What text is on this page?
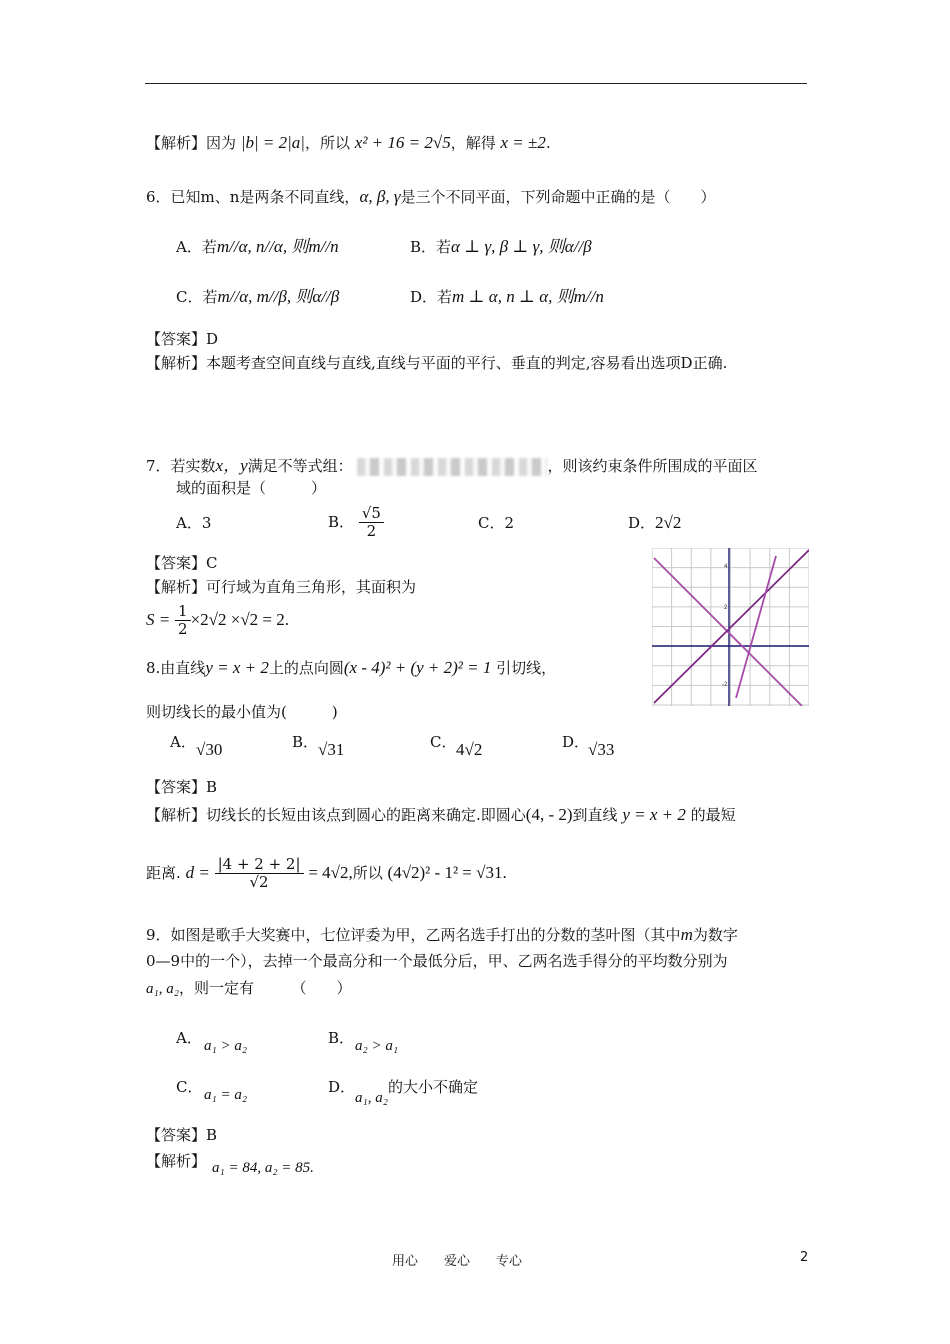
【解析】因为 |b| = 2|a|，所以 x² + 16 = 2√5，解得 x = ±2.
6．已知m、n是两条不同直线，α, β, γ是三个不同平面，下列命题中正确的是（　　）
A．若m//α, n//α, 则m//n	B．若α ⊥ γ, β ⊥ γ, 则α//β
C．若m//α, m//β, 则α//β	D．若m ⊥ α, n ⊥ α, 则m//n
【答案】D
【解析】本题考查空间直线与直线,直线与平面的平行、垂直的判定,容易看出选项D正确.
7．若实数x，y满足不等式组：	，则该约束条件所围成的平面区
域的面积是（　　　）
A．3	B． $\frac{√5}{2}$	C．2	D．2√2
【答案】C
【解析】可行域为直角三角形，其面积为
$S = \frac{1}{2} \times 2√2 \times√2 = 2$.
4
2
-2
8.由直线y = x + 2上的点向圆(x - 4)² + (y + 2)² = 1 引切线，
则切线长的最小值为(　　　)
A． √30	B． √31	C． 4√2	D．
√33
【答案】B
【解析】切线长的长短由该点到圆心的距离来确定.即圆心(4, - 2)到直线 y = x + 2 的最短
距离. $d = \frac{|4 + 2 + 2|}{√2} = 4√2$,所以 (4√2)² - 1² = √31.
9．如图是歌手大奖赛中，七位评委为甲，乙两名选手打出的分数的茎叶图（其中m为数字
0—9中的一个），去掉一个最高分和一个最低分后，甲、乙两名选手得分的平均数分别为
a₁, a₂，则一定有　　　（　　）
A． a₁ > a₂	B． a₂ > a₁
C． a₁ = a₂	D．
a₁, a₂的大小不确定
【答案】B
【解析】 a₁ = 84, a₂ = 85.
用心　　爱心　　专心	2
